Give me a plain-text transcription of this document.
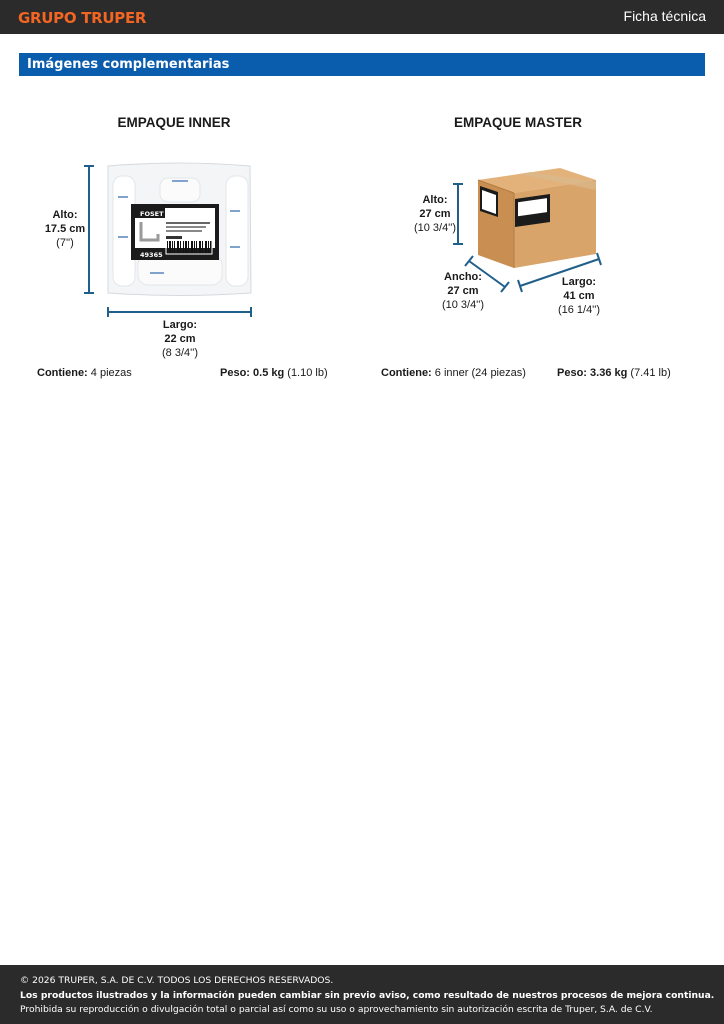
GRUPO TRUPER	Ficha técnica
Imágenes complementarias
EMPAQUE INNER	EMPAQUE MASTER
FOSET
49365
Alto:
17.5 cm
(7'')
Largo:
22 cm
(8 3/4'')
Alto:
27 cm
(10 3/4'')
Ancho:
27 cm
(10 3/4'')
Largo:
41 cm
(16 1/4'')
Contiene: 4 piezas	Peso: 0.5 kg (1.10 lb)	Contiene: 6 inner (24 piezas)	Peso: 3.36 kg (7.41 lb)
© 2026 TRUPER, S.A. DE C.V. TODOS LOS DERECHOS RESERVADOS.
Los productos ilustrados y la información pueden cambiar sin previo aviso, como resultado de nuestros procesos de mejora continua.
Prohibida su reproducción o divulgación total o parcial así como su uso o aprovechamiento sin autorización escrita de Truper, S.A. de C.V.
